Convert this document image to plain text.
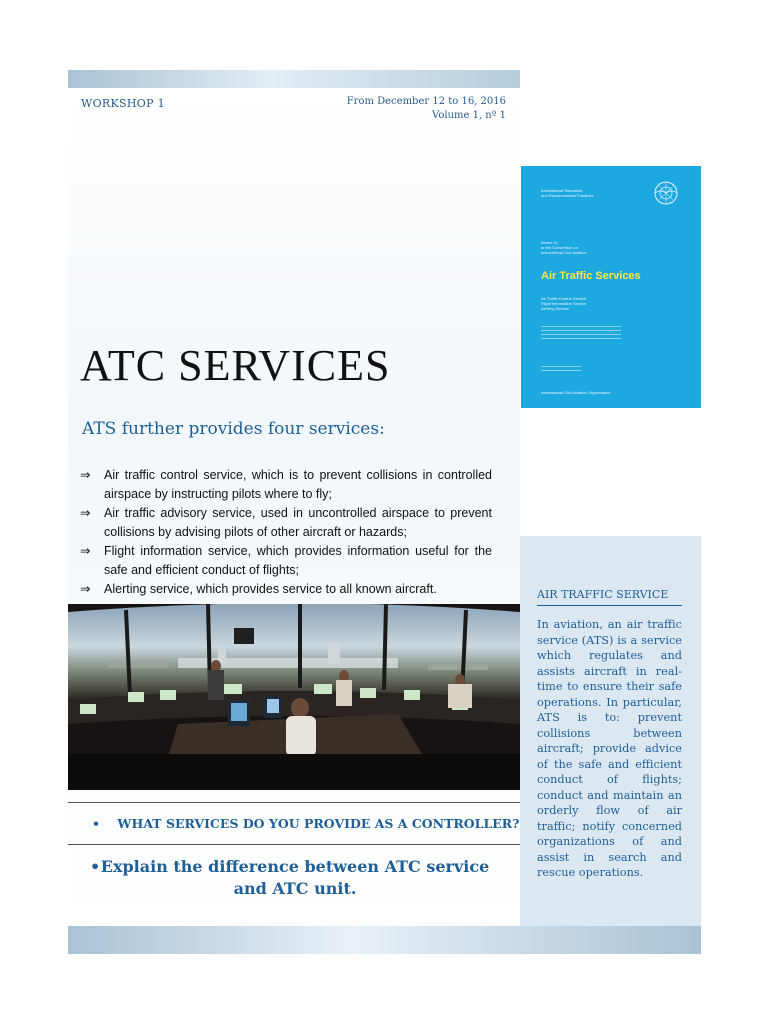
WORKSHOP 1	From December 12 to 16, 2016
Volume 1, nº 1
International Standards
and Recommended Practices
Annex 11
to the Convention on
International Civil Aviation
Air Traffic Services
Air Traffic Control Service
Flight Information Service
Alerting Service
International Civil Aviation Organization
ATC SERVICES
ATS further provides four services:
⇒ Air traffic control service, which is to prevent collisions in controlled airspace by instructing pilots where to fly;
⇒ Air traffic advisory service, used in uncontrolled airspace to prevent collisions by advising pilots of other aircraft or hazards;
⇒ Flight information service, which provides information useful for the safe and efficient conduct of flights;
⇒ Alerting service, which provides service to all known aircraft.
• WHAT SERVICES DO YOU PROVIDE AS A CONTROLLER?
• Explain the difference between ATC service and ATC unit.
AIR TRAFFIC SERVICE
In aviation, an air traffic service (ATS) is a service which regulates and assists aircraft in real-time to ensure their safe operations. In particular, ATS is to: prevent collisions between aircraft; provide advice of the safe and efficient conduct of flights; conduct and maintain an orderly flow of air traffic; notify concerned organizations of and assist in search and rescue operations.
